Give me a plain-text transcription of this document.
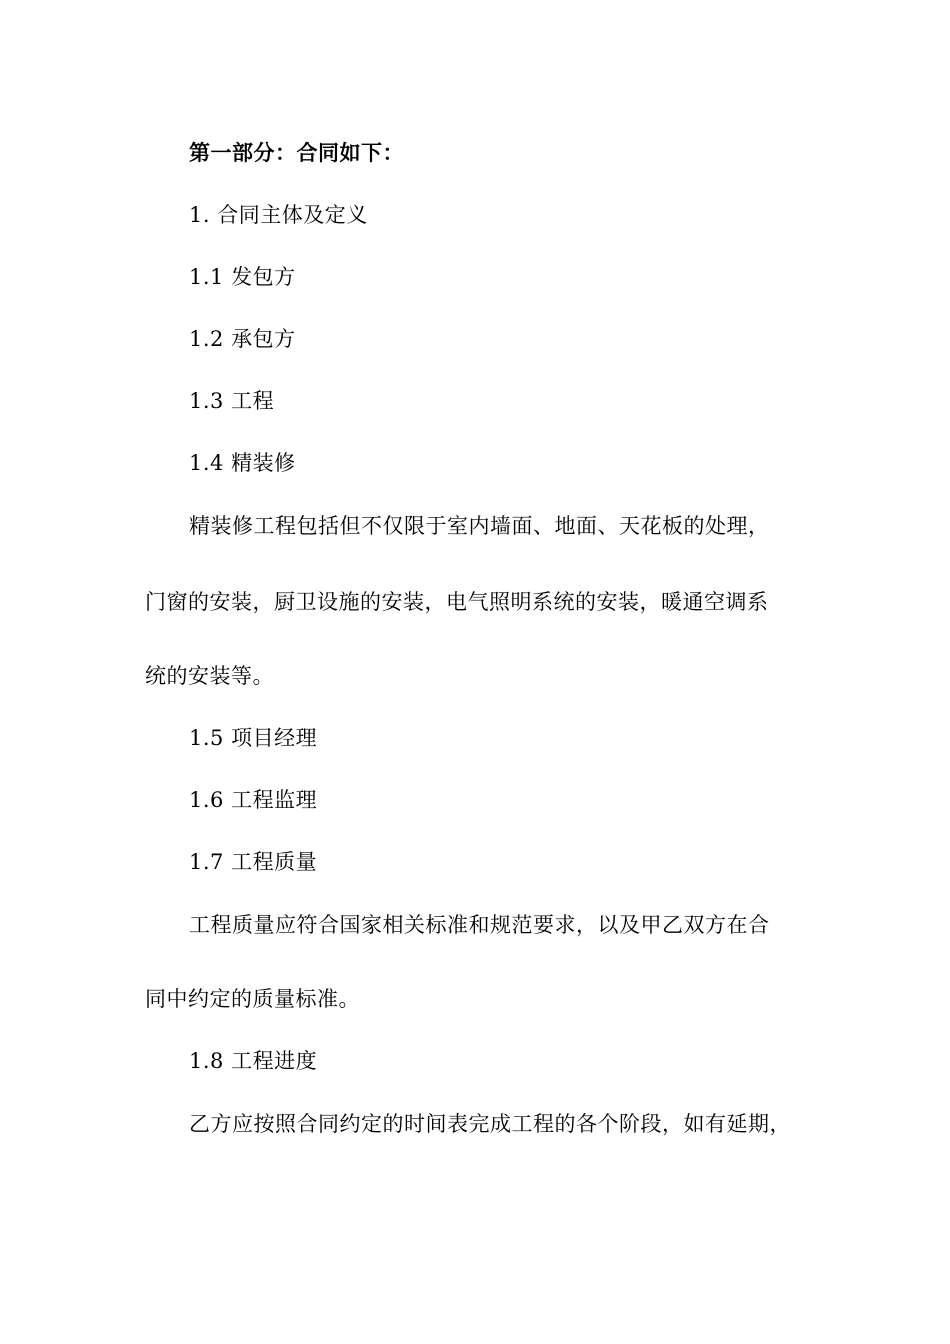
第一部分：合同如下：
1. 合同主体及定义
1.1 发包方
1.2 承包方
1.3 工程
1.4 精装修
精装修工程包括但不仅限于室内墙面、地面、天花板的处理，
门窗的安装，厨卫设施的安装，电气照明系统的安装，暖通空调系
统的安装等。
1.5 项目经理
1.6 工程监理
1.7 工程质量
工程质量应符合国家相关标准和规范要求，以及甲乙双方在合
同中约定的质量标准。
1.8 工程进度
乙方应按照合同约定的时间表完成工程的各个阶段，如有延期，
